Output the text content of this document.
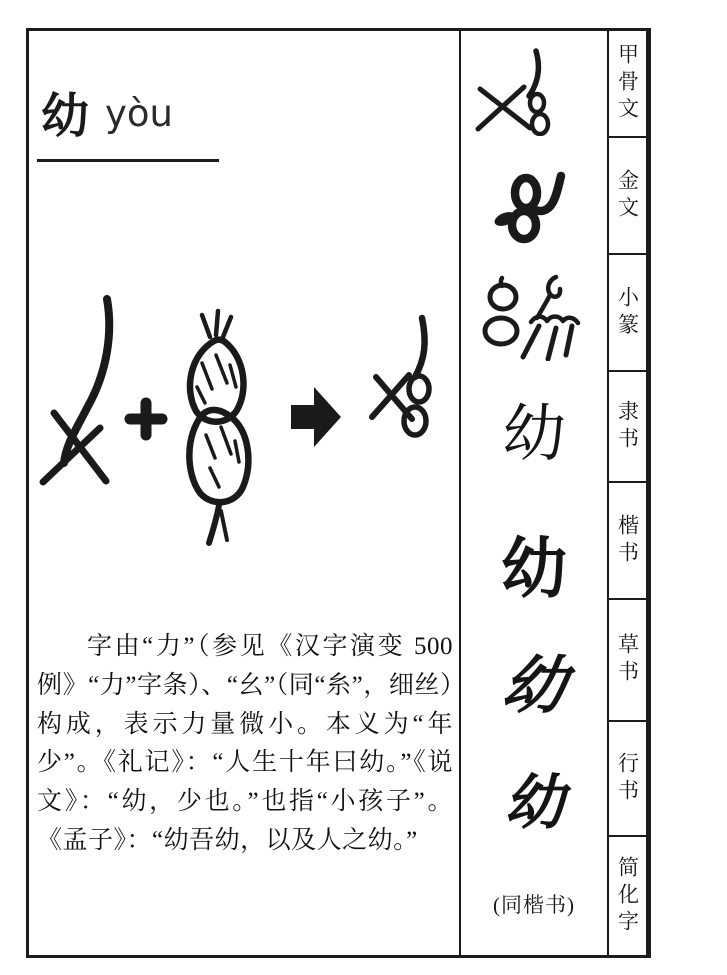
幼 yòu

字由“力”（参见《汉字演变 500 例》“力”字条）、“幺”（同“糸”，细丝）构成，表示力量微小。本义为“年少”。《礼记》：“人生十年曰幼。”《说文》：“幼，少也。”也指“小孩子”。《孟子》：“幼吾幼，以及人之幼。”

幼
幼
幼
幼
(同楷书)
甲骨文
金文
小篆
隶书
楷书
草书
行书
简化字
